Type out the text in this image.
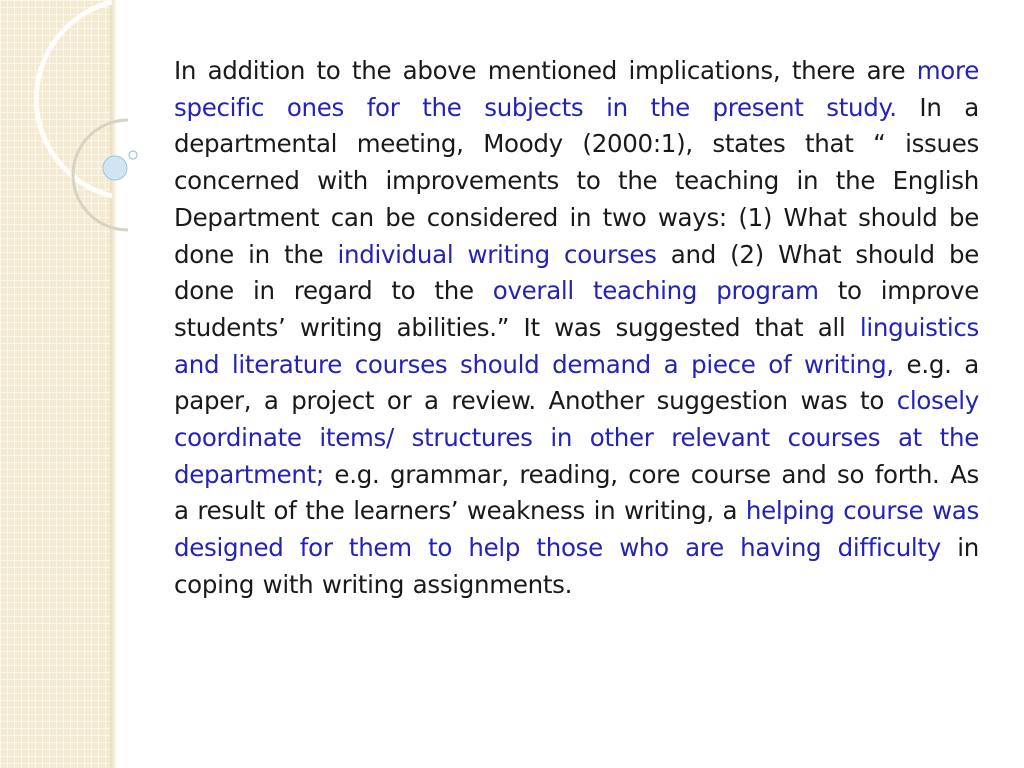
In addition to the above mentioned implications, there are more specific ones for the subjects in the present study. In a departmental meeting, Moody (2000:1), states that “ issues concerned with improvements to the teaching in the English Department can be considered in two ways: (1) What should be done in the individual writing courses and (2) What should be done in regard to the overall teaching program to improve students’ writing abilities.” It was suggested that all linguistics and literature courses should demand a piece of writing, e.g. a paper, a project or a review. Another suggestion was to closely coordinate items/ structures in other relevant courses at the department; e.g. grammar, reading, core course and so forth. As a result of the learners’ weakness in writing, a helping course was designed for them to help those who are having difficulty in coping with writing assignments.
